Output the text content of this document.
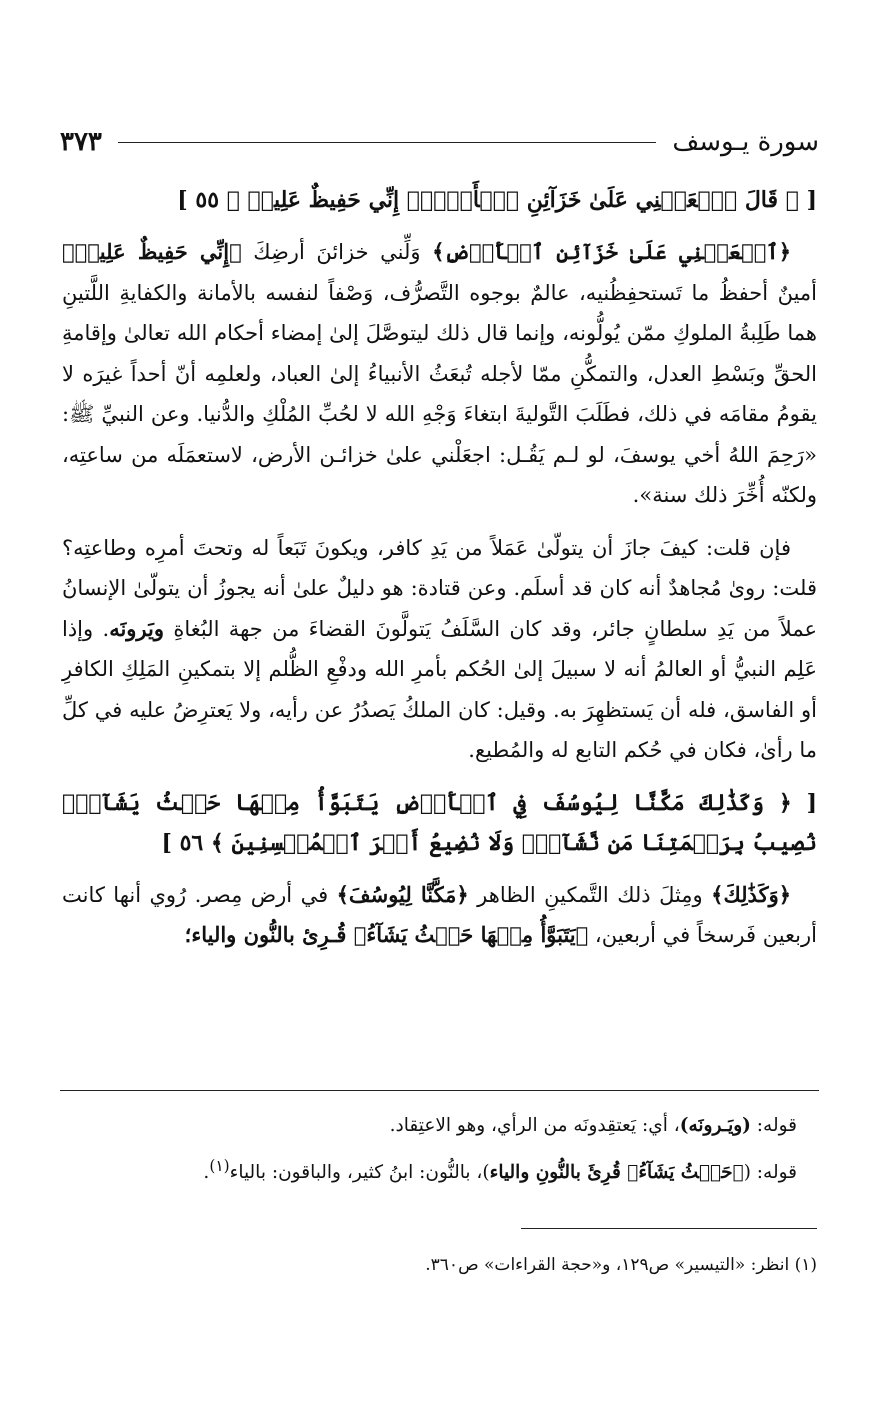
سورة يـوسف
٣٧٣

[ ﴿ قَالَ ٱجۡعَلۡنِي عَلَىٰ خَزَآئِنِ ٱلۡأَرۡضِۖ إِنِّي حَفِيظٌ عَلِيمٞ ﴾ ٥٥ ]

﴿ٱجۡعَلۡنِي عَلَىٰ خَزَآئِنِ ٱلۡأَرۡضِ﴾ وَلِّني خزائنَ أرضِكَ ﴿إِنِّي حَفِيظٌ عَلِيمٞ﴾ أمينٌ أحفظُ ما تَستحفِظُنيه، عالمٌ بوجوه التَّصرُّف، وَصْفاً لنفسه بالأمانة والكفايةِ اللَّتينِ هما طَلِبةُ الملوكِ ممّن يُولُّونه، وإنما قال ذلك ليتوصَّلَ إلىٰ إمضاء أحكام الله تعالىٰ وإقامةِ الحقِّ وبَسْطِ العدل، والتمكُّنِ ممّا لأجله تُبعَثُ الأنبياءُ إلىٰ العباد، ولعلمِه أنّ أحداً غيرَه لا يقومُ مقامَه في ذلك، فطَلَبَ التَّوليةَ ابتغاءَ وَجْهِ الله لا لحُبِّ المُلْكِ والدُّنيا. وعن النبيِّ ﷺ: «رَحِمَ اللهُ أخي يوسفَ، لو لـم يَقُـل: اجعَلْني علىٰ خزائـن الأرض، لاستعمَلَه من ساعتِه، ولكنّه أُخِّرَ ذلك سنة».

فإن قلت: كيفَ جازَ أن يتولّىٰ عَمَلاً من يَدِ كافر، ويكونَ تَبَعاً له وتحتَ أمرِه وطاعتِه؟ قلت: روىٰ مُجاهدٌ أنه كان قد أسلَم. وعن قتادة: هو دليلٌ علىٰ أنه يجوزُ أن يتولّىٰ الإنسانُ عملاً من يَدِ سلطانٍ جائر، وقد كان السَّلَفُ يَتولَّونَ القضاءَ من جهة البُغاةِ ويَرونَه. وإذا عَلِم النبيُّ أو العالمُ أنه لا سبيلَ إلىٰ الحُكم بأمرِ الله ودفْعِ الظُّلم إلا بتمكينِ المَلِكِ الكافرِ أو الفاسق، فله أن يَستظهِرَ به. وقيل: كان الملكُ يَصدُرُ عن رأيه، ولا يَعترِضُ عليه في كلِّ ما رأىٰ، فكان في حُكم التابع له والمُطيع.

[ ﴿ وَكَذَٰلِكَ مَكَّنَّا لِيُوسُفَ فِي ٱلۡأَرۡضِ يَتَبَوَّأُ مِنۡهَا حَيۡثُ يَشَآءُۚ نُصِيبُ بِرَحۡمَتِنَا مَن نَّشَآءُۖ وَلَا نُضِيعُ أَجۡرَ ٱلۡمُحۡسِنِينَ ﴾ ٥٦ ]

﴿وَكَذَٰلِكَ﴾ ومِثلَ ذلك التَّمكينِ الظاهر ﴿مَكَّنَّا لِيُوسُفَ﴾ في أرض مِصر. رُوي أنها كانت أربعين فَرسخاً في أربعين، ﴿يَتَبَوَّأُ مِنۡهَا حَيۡثُ يَشَآءُ﴾ قُـرِئ بالنُّون والياء؛

قوله: (ويَـرونَه)، أي: يَعتقِدونَه من الرأي، وهو الاعتِقاد.

قوله: (﴿حَيۡثُ يَشَآءُ﴾ قُرِئَ بالنُّونِ والياء)، بالنُّون: ابنُ كثير، والباقون: بالياء$^{(١)}$.

(١) انظر: «التيسير» ص١٢٩، و«حجة القراءات» ص٣٦٠.
